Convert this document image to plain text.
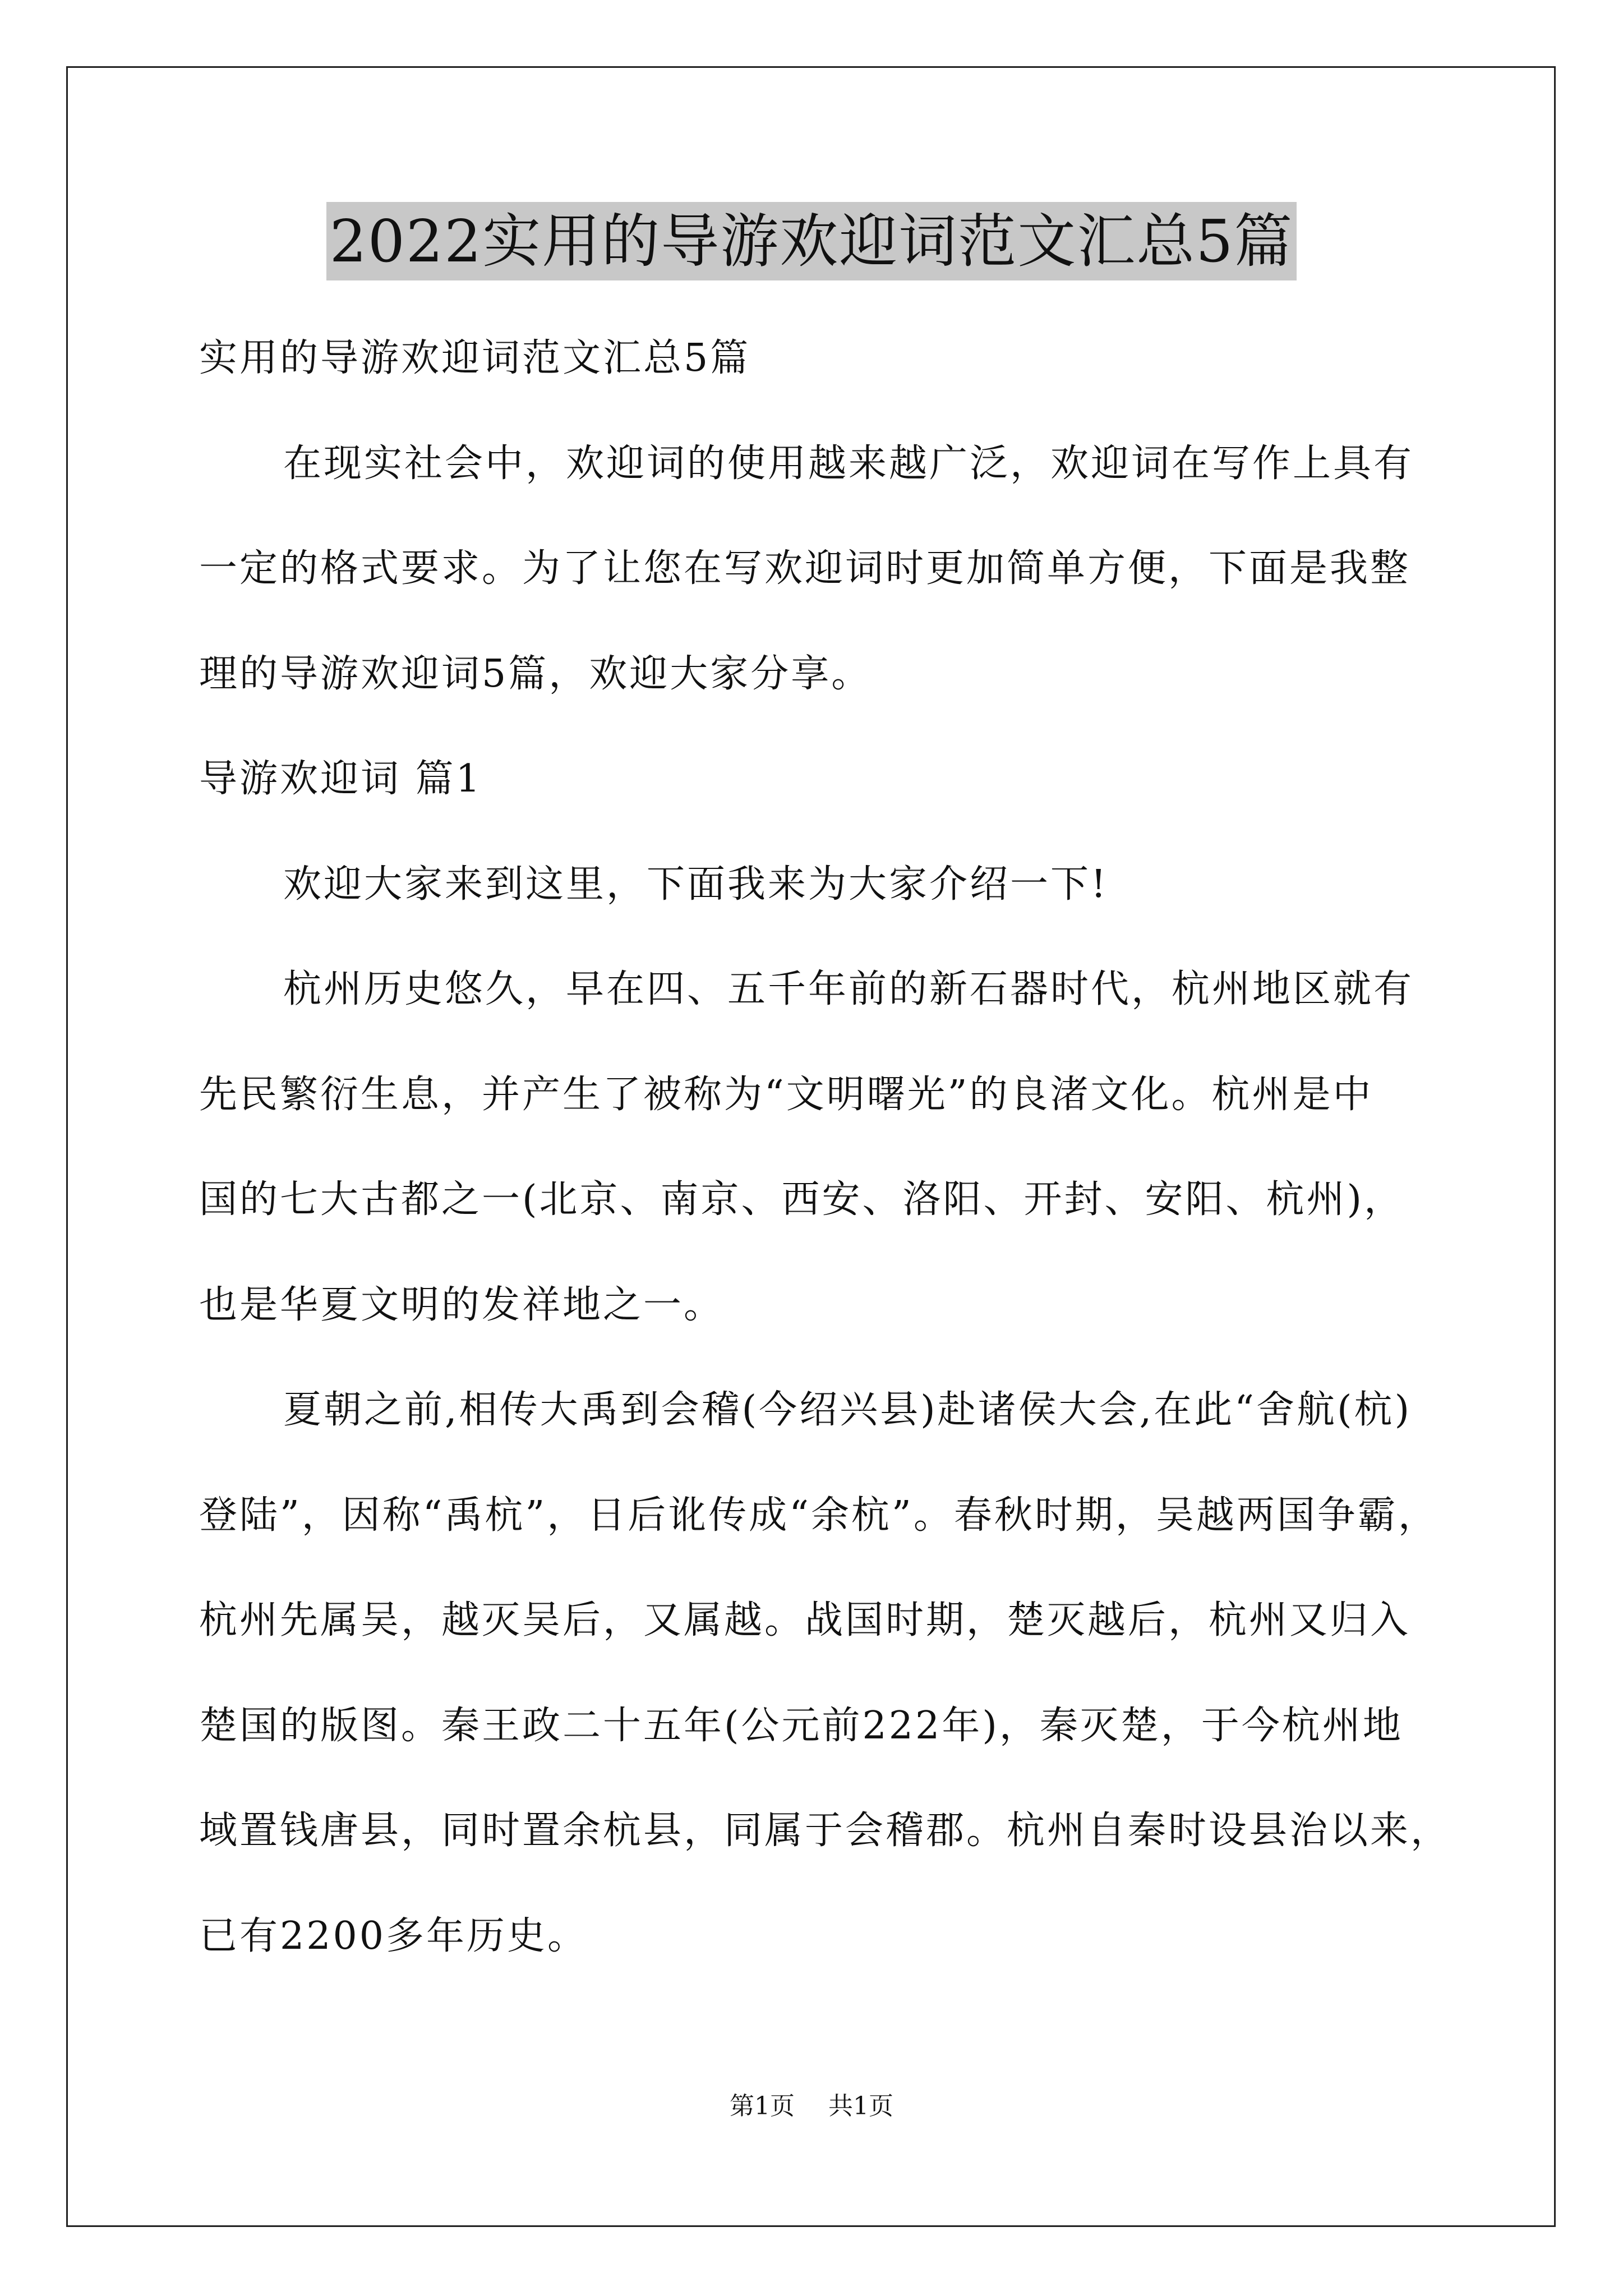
2022实用的导游欢迎词范文汇总5篇
实用的导游欢迎词范文汇总5篇
在现实社会中，欢迎词的使用越来越广泛，欢迎词在写作上具有
一定的格式要求。为了让您在写欢迎词时更加简单方便，下面是我整
理的导游欢迎词5篇，欢迎大家分享。
导游欢迎词 篇1
欢迎大家来到这里，下面我来为大家介绍一下!
杭州历史悠久，早在四、五千年前的新石器时代，杭州地区就有
先民繁衍生息，并产生了被称为“文明曙光”的良渚文化。杭州是中
国的七大古都之一(北京、南京、西安、洛阳、开封、安阳、杭州)，
也是华夏文明的发祥地之一。
夏朝之前,相传大禹到会稽(今绍兴县)赴诸侯大会,在此“舍航(杭)
登陆”，因称“禹杭”，日后讹传成“余杭”。春秋时期，吴越两国争霸，
杭州先属吴，越灭吴后，又属越。战国时期，楚灭越后，杭州又归入
楚国的版图。秦王政二十五年(公元前222年)，秦灭楚，于今杭州地
域置钱唐县，同时置余杭县，同属于会稽郡。杭州自秦时设县治以来，
已有2200多年历史。
第1页 共1页
